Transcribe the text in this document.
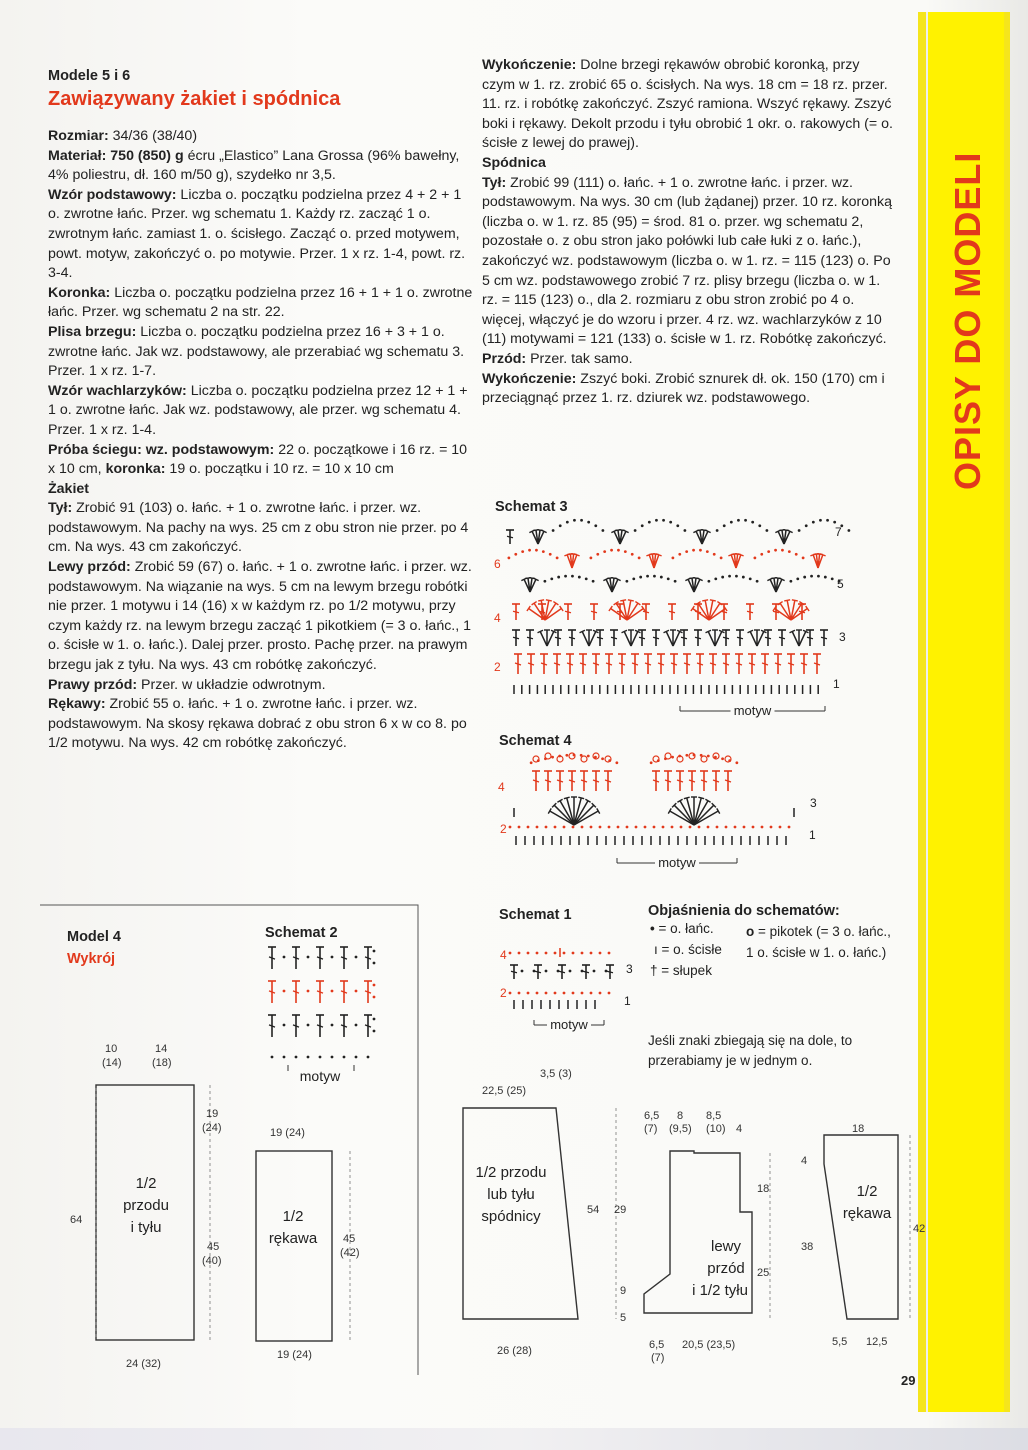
Modele 5 i 6
Zawiązywany żakiet i spódnica

Rozmiar: 34/36 (38/40)

Materiał: 750 (850) g écru „Elastico” Lana Grossa (96% bawełny, 4% poliestru, dł. 160 m/50 g), szydełko nr 3,5.

Wzór podstawowy: Liczba o. początku podzielna przez 4 + 2 + 1 o. zwrotne łańc. Przer. wg schematu 1. Każdy rz. zacząć 1 o. zwrotnym łańc. zamiast 1. o. ścisłego. Zacząć o. przed motywem, powt. motyw, zakończyć o. po motywie. Przer. 1 x rz. 1-4, powt. rz. 3-4.

Koronka: Liczba o. początku podzielna przez 16 + 1 + 1 o. zwrotne łańc. Przer. wg schematu 2 na str. 22.

Plisa brzegu: Liczba o. początku podzielna przez 16 + 3 + 1 o. zwrotne łańc. Jak wz. podstawowy, ale przerabiać wg schematu 3. Przer. 1 x rz. 1-7.

Wzór wachlarzyków: Liczba o. początku podzielna przez 12 + 1 + 1 o. zwrotne łańc. Jak wz. podstawowy, ale przer. wg schematu 4. Przer. 1 x rz. 1-4.

Próba ściegu: wz. podstawowym: 22 o. początkowe i 16 rz. = 10 x 10 cm, koronka: 19 o. początku i 10 rz. = 10 x 10 cm

Żakiet

Tył: Zrobić 91 (103) o. łańc. + 1 o. zwrotne łańc. i przer. wz. podstawowym. Na pachy na wys. 25 cm z obu stron nie przer. po 4 cm. Na wys. 43 cm zakończyć.

Lewy przód: Zrobić 59 (67) o. łańc. + 1 o. zwrotne łańc. i przer. wz. podstawowym. Na wiązanie na wys. 5 cm na lewym brzegu robótki nie przer. 1 motywu i 14 (16) x w każdym rz. po 1/2 motywu, przy czym każdy rz. na lewym brzegu zacząć 1 pikotkiem (= 3 o. łańc., 1 o. ścisłe w 1. o. łańc.). Dalej przer. prosto. Pachę przer. na prawym brzegu jak z tyłu. Na wys. 43 cm robótkę zakończyć.

Prawy przód: Przer. w układzie odwrotnym.

Rękawy: Zrobić 55 o. łańc. + 1 o. zwrotne łańc. i przer. wz. podstawowym. Na skosy rękawa dobrać z obu stron 6 x w co 8. po 1/2 motywu. Na wys. 42 cm robótkę zakończyć.

Wykończenie: Dolne brzegi rękawów obrobić koronką, przy czym w 1. rz. zrobić 65 o. ścisłych. Na wys. 18 cm = 18 rz. przer. 11. rz. i robótkę zakończyć. Zszyć ramiona. Wszyć rękawy. Zszyć boki i rękawy. Dekolt przodu i tyłu obrobić 1 okr. o. rakowych (= o. ścisłe z lewej do prawej).

Spódnica

Tył: Zrobić 99 (111) o. łańc. + 1 o. zwrotne łańc. i przer. wz. podstawowym. Na wys. 30 cm (lub żądanej) przer. 10 rz. koronką (liczba o. w 1. rz. 85 (95) = środ. 81 o. przer. wg schematu 2, pozostałe o. z obu stron jako połówki lub całe łuki z o. łańc.), zakończyć wz. podstawowym (liczba o. w 1. rz. = 115 (123) o. Po 5 cm wz. podstawowego zrobić 7 rz. plisy brzegu (liczba o. w 1. rz. = 115 (123) o., dla 2. rozmiaru z obu stron zrobić po 4 o. więcej, włączyć je do wzoru i przer. 4 rz. wz. wachlarzyków z 10 (11) motywami = 121 (133) o. ścisłe w 1. rz. Robótkę zakończyć.

Przód: Przer. tak samo.

Wykończenie: Zszyć boki. Zrobić sznurek dł. ok. 150 (170) cm i przeciągnąć przez 1. rz. dziurek wz. podstawowego.	OPISY DO MODELI
Schemat 3
1
2
3
4
5
6
7
motyw
Schemat 4
1
2
3
4
motyw
Schemat 1
1
2
3
4
motyw
Objaśnienia do schematów:
• = o. łańc.
ı = o. ścisłe
† = słupek
o = pikotek (= 3 o. łańc., 1 o. ścisłe w 1. o. łańc.)
Jeśli znaki zbiegają się na dole, to przerabiamy je w jednym o.
Model 4
Wykrój
Schemat 2
motyw
10
(14)
14
(18)
19
(24)
45
(40)
64
24 (32)
19 (24)
45
(42)
19 (24)
22,5 (25)
3,5 (3)
54 29
26 (28)
6,5
(7)
8
(9,5)
8,5
(10) 4
18
25
9
5
6,5
(7)
20,5 (23,5)
18
4
38
42
5,5 12,5
1/2
przodu
i tyłu
1/2
rękawa
1/2 przodu
lub tyłu
spódnicy
lewy
przód
i 1/2 tyłu
1/2
rękawa
29
